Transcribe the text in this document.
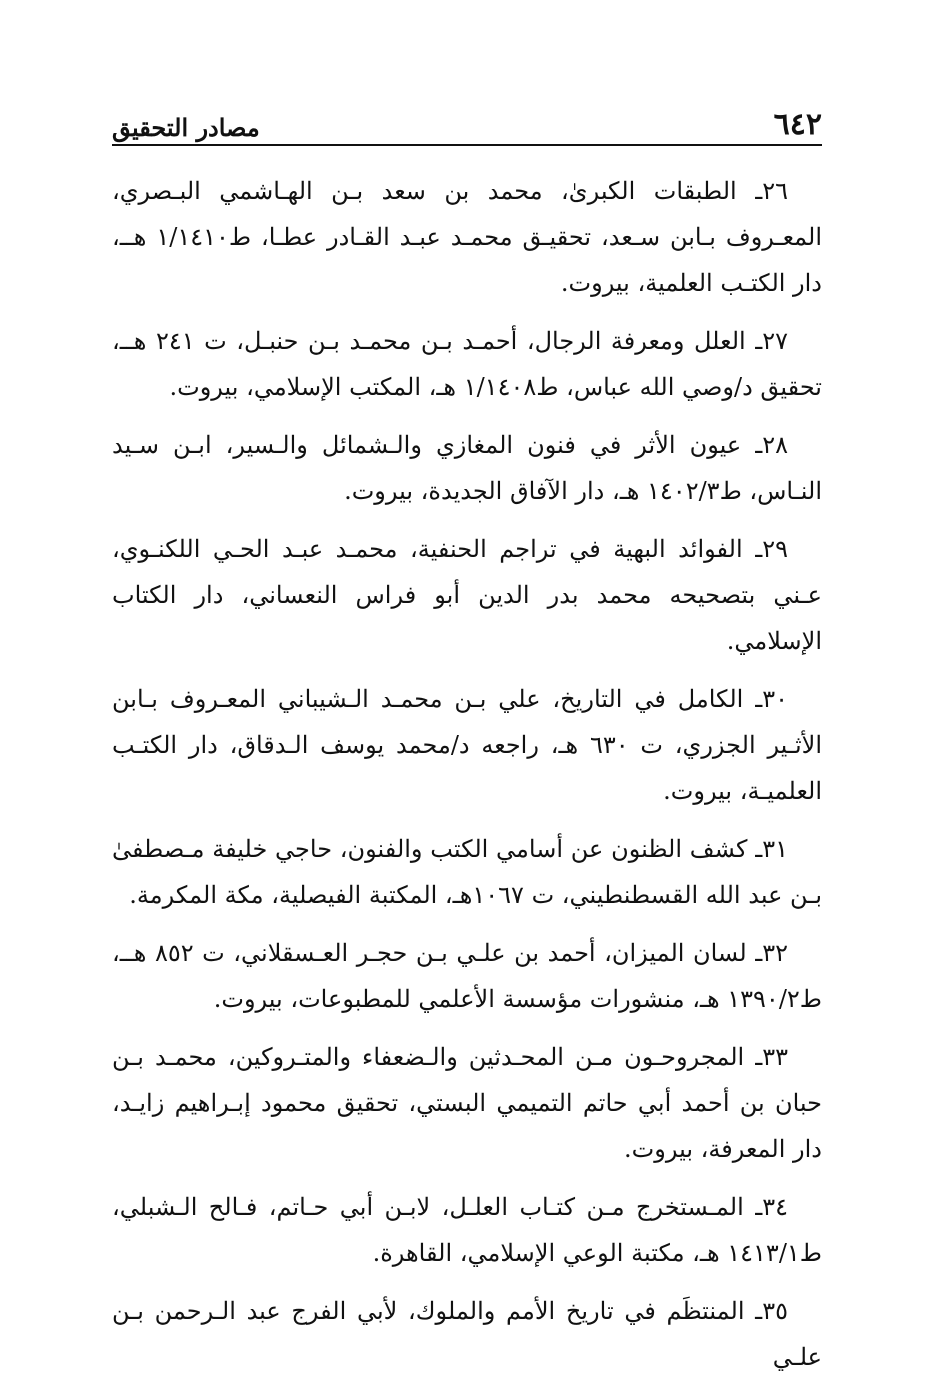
٦٤٢
مصادر التحقيق

٢٦ـ الطبقات الكبرىٰ، محمد بن سعد بـن الهـاشمي البـصري، المعـروف بـابن سـعد، تحقيـق محمـد عبـد القـادر عطـا، ط١/١٤١٠ هــ، دار الكتـب العلمية، بيروت.

٢٧ـ العلل ومعرفة الرجال، أحمـد بـن محمـد بـن حنبـل، ت ٢٤١ هــ، تحقيق د/وصي الله عباس، ط١/١٤٠٨ هـ، المكتب الإسلامي، بيروت.

٢٨ـ عيون الأثر في فنون المغازي والـشمائل والـسير، ابـن سـيد النـاس، ط١٤٠٢/٣ هـ، دار الآفاق الجديدة، بيروت.

٢٩ـ الفوائد البهية في تراجم الحنفية، محمـد عبـد الحـي اللكنـوي، عـني بتصحيحه محمد بدر الدين أبو فراس النعساني، دار الكتاب الإسلامي.

٣٠ـ الكامل في التاريخ، علي بـن محمـد الـشيباني المعـروف بـابن الأثـير الجزري، ت ٦٣٠ هـ، راجعه د/محمد يوسف الـدقاق، دار الكتـب العلميـة، بيروت.

٣١ـ كشف الظنون عن أسامي الكتب والفنون، حاجي خليفة مـصطفىٰ بـن عبد الله القسطنطيني، ت ١٠٦٧هـ، المكتبة الفيصلية، مكة المكرمة.

٣٢ـ لسان الميزان، أحمد بن علـي بـن حجـر العـسقلاني، ت ٨٥٢ هــ، ط١٣٩٠/٢ هـ، منشورات مؤسسة الأعلمي للمطبوعات، بيروت.

٣٣ـ المجروحـون مـن المحـدثين والـضعفاء والمتـروكين، محمـد بـن حبان بن أحمد أبي حاتم التميمي البستي، تحقيق محمود إبـراهيم زايـد، دار المعرفة، بيروت.

٣٤ـ المـستخرج مـن كتـاب العلـل، لابـن أبي حـاتم، فـالح الـشبلي، ط١٤١٣/١ هـ، مكتبة الوعي الإسلامي، القاهرة.

٣٥ـ المنتظَم في تاريخ الأمم والملوك، لأبي الفرج عبد الـرحمن بـن علـي
